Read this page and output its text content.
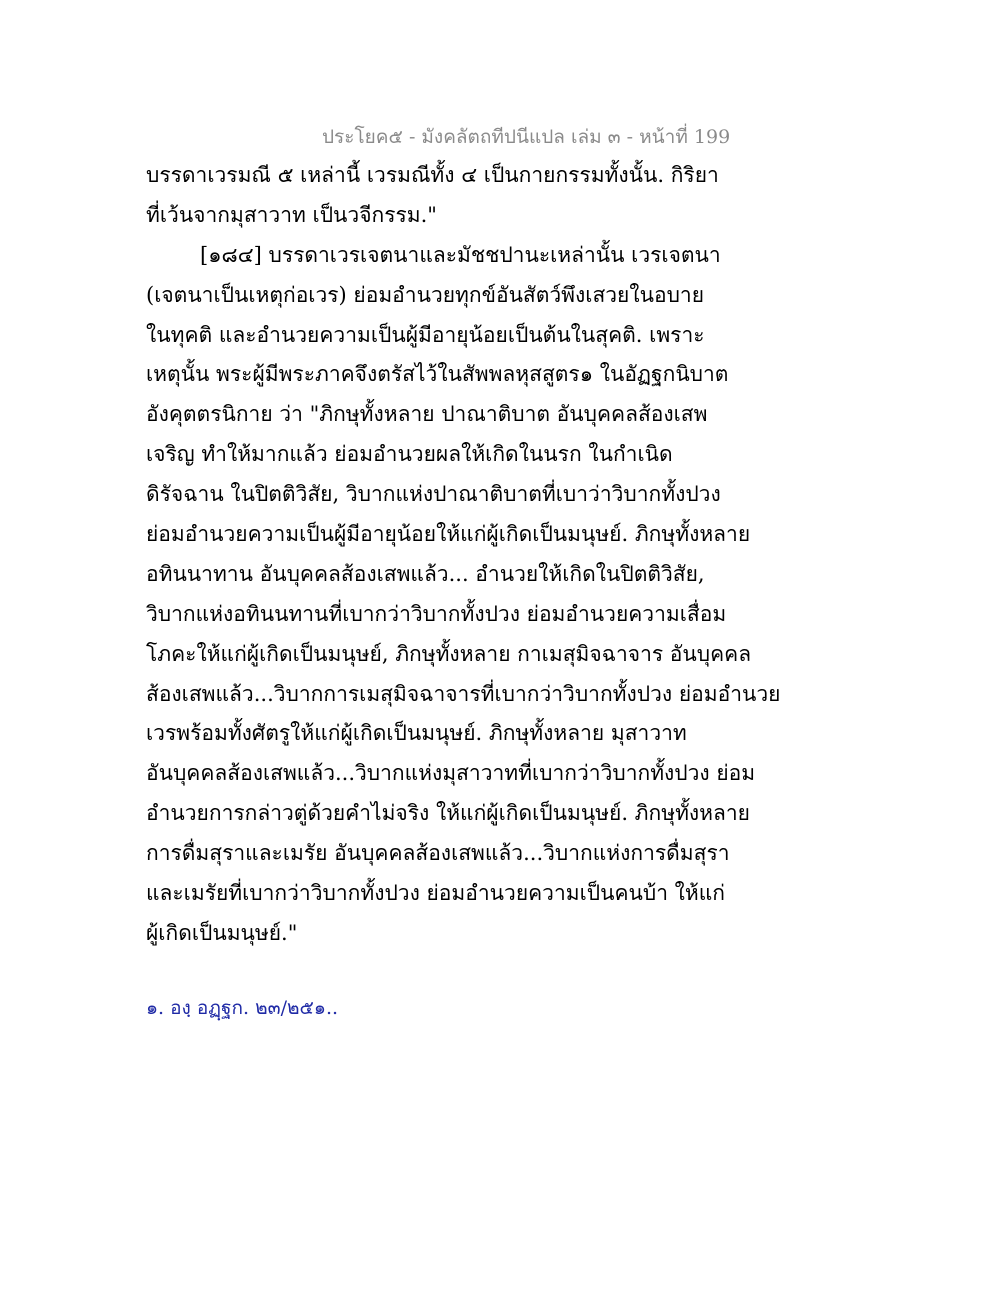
ประโยค๕ - มังคลัตถทีปนีแปล เล่ม ๓ - หน้าที่ 199
บรรดาเวรมณี ๕ เหล่านี้ เวรมณีทั้ง ๔ เป็นกายกรรมทั้งนั้น. กิริยา
ที่เว้นจากมุสาวาท เป็นวจีกรรม."
[๑๘๔] บรรดาเวรเจตนาและมัชชปานะเหล่านั้น เวรเจตนา
(เจตนาเป็นเหตุก่อเวร) ย่อมอำนวยทุกข์อันสัตว์พึงเสวยในอบาย
ในทุคติ และอำนวยความเป็นผู้มีอายุน้อยเป็นต้นในสุคติ. เพราะ
เหตุนั้น พระผู้มีพระภาคจึงตรัสไว้ในสัพพลหุสสูตร๑ ในอัฏฐกนิบาต
อังคุตตรนิกาย ว่า "ภิกษุทั้งหลาย ปาณาติบาต อันบุคคลส้องเสพ
เจริญ ทำให้มากแล้ว ย่อมอำนวยผลให้เกิดในนรก ในกำเนิด
ดิรัจฉาน ในปิตติวิสัย, วิบากแห่งปาณาติบาตที่เบาว่าวิบากทั้งปวง
ย่อมอำนวยความเป็นผู้มีอายุน้อยให้แก่ผู้เกิดเป็นมนุษย์. ภิกษุทั้งหลาย
อทินนาทาน อันบุคคลส้องเสพแล้ว... อำนวยให้เกิดในปิตติวิสัย,
วิบากแห่งอทินนทานที่เบากว่าวิบากทั้งปวง ย่อมอำนวยความเสื่อม
โภคะให้แก่ผู้เกิดเป็นมนุษย์, ภิกษุทั้งหลาย กาเมสุมิจฉาจาร อันบุคคล
ส้องเสพแล้ว...วิบากการเมสุมิจฉาจารที่เบากว่าวิบากทั้งปวง ย่อมอำนวย
เวรพร้อมทั้งศัตรูให้แก่ผู้เกิดเป็นมนุษย์. ภิกษุทั้งหลาย มุสาวาท
อันบุคคลส้องเสพแล้ว...วิบากแห่งมุสาวาทที่เบากว่าวิบากทั้งปวง ย่อม
อำนวยการกล่าวตู่ด้วยคำไม่จริง ให้แก่ผู้เกิดเป็นมนุษย์. ภิกษุทั้งหลาย
การดื่มสุราและเมรัย อันบุคคลส้องเสพแล้ว...วิบากแห่งการดื่มสุรา
และเมรัยที่เบากว่าวิบากทั้งปวง ย่อมอำนวยความเป็นคนบ้า ให้แก่
ผู้เกิดเป็นมนุษย์."
๑. องฺ อฏฺฐก. ๒๓/๒๕๑..
